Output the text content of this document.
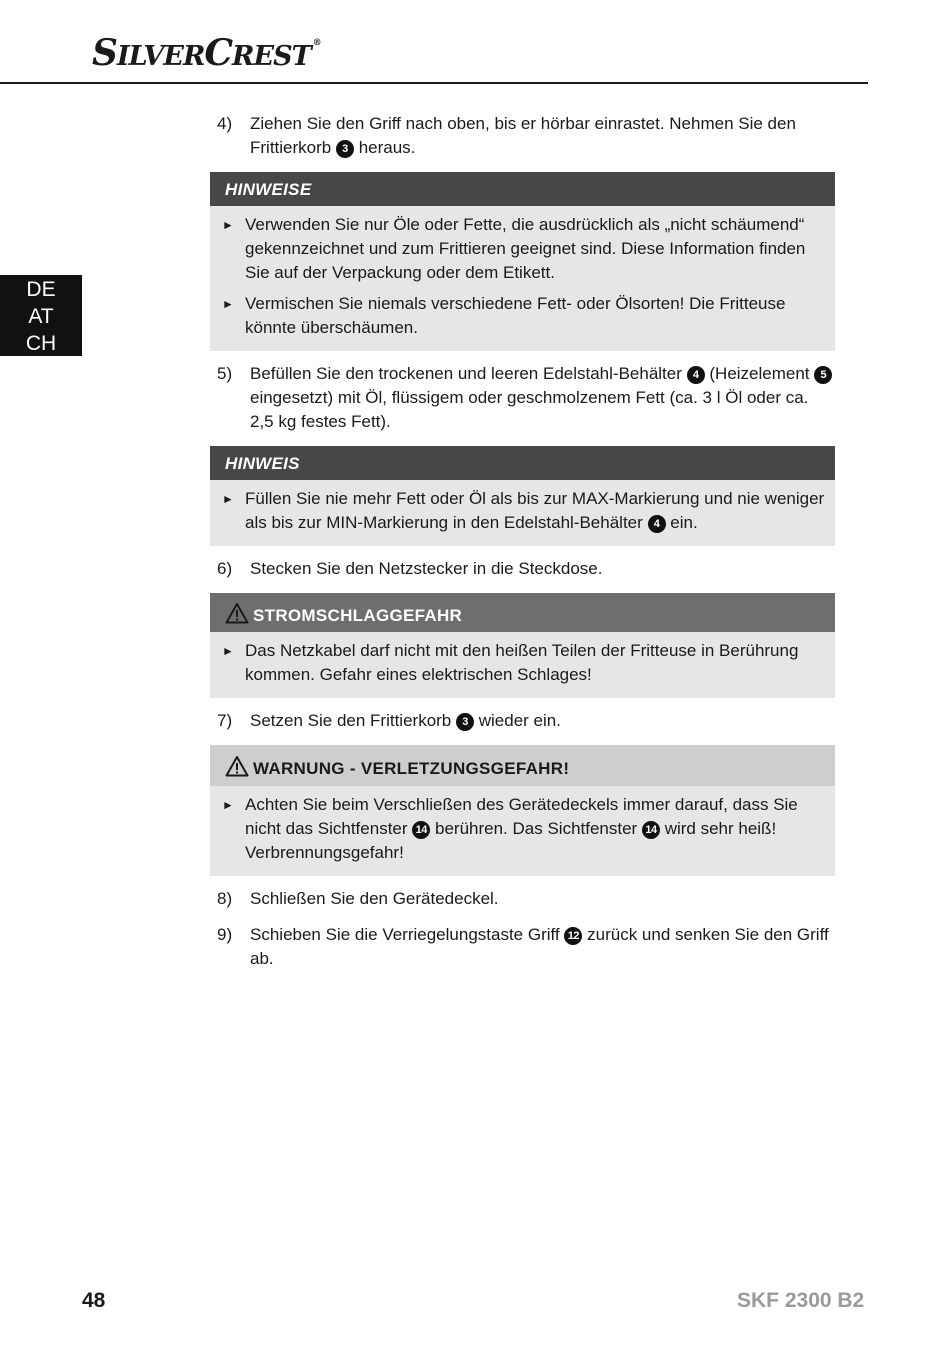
SILVERCREST ®
DE
AT
CH
4) Ziehen Sie den Griff nach oben, bis er hörbar einrastet. Nehmen Sie den Frittierkorb 3 heraus.
HINWEISE
► Verwenden Sie nur Öle oder Fette, die ausdrücklich als „nicht schäumend“ gekennzeichnet und zum Frittieren geeignet sind. Diese Information finden Sie auf der Verpackung oder dem Etikett.
► Vermischen Sie niemals verschiedene Fett- oder Ölsorten! Die Fritteuse könnte überschäumen.
5) Befüllen Sie den trockenen und leeren Edelstahl-Behälter 4 (Heizelement 5 eingesetzt) mit Öl, flüssigem oder geschmolzenem Fett (ca. 3 l Öl oder ca. 2,5 kg festes Fett).
HINWEIS
► Füllen Sie nie mehr Fett oder Öl als bis zur MAX-Markierung und nie weniger als bis zur MIN-Markierung in den Edelstahl-Behälter 4 ein.
6) Stecken Sie den Netzstecker in die Steckdose.
STROMSCHLAGGEFAHR
► Das Netzkabel darf nicht mit den heißen Teilen der Fritteuse in Berührung kommen. Gefahr eines elektrischen Schlages!
7) Setzen Sie den Frittierkorb 3 wieder ein.
WARNUNG - VERLETZUNGSGEFAHR!
► Achten Sie beim Verschließen des Gerätedeckels immer darauf, dass Sie nicht das Sichtfenster 14 berühren. Das Sichtfenster 14 wird sehr heiß! Verbrennungsgefahr!
8) Schließen Sie den Gerätedeckel.
9) Schieben Sie die Verriegelungstaste Griff 12 zurück und senken Sie den Griff ab.
48	SKF 2300 B2
